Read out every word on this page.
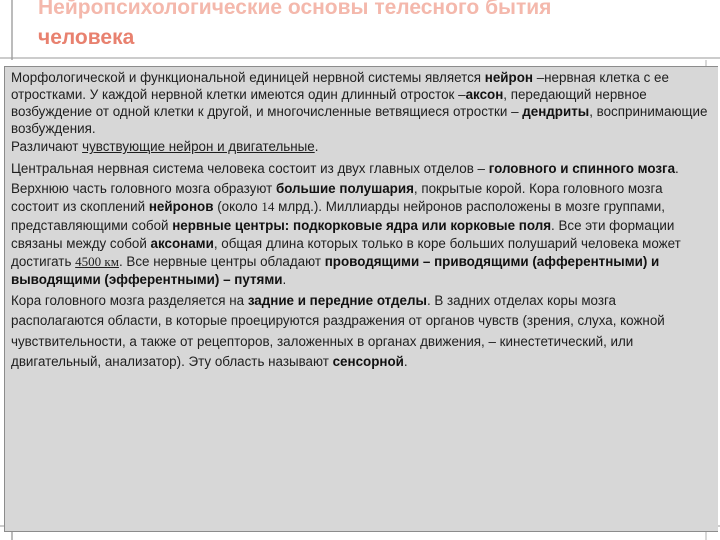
Нейропсихологические основы телесного бытия
человека

Морфологической и функциональной единицей нервной системы является нейрон –нервная клетка с ее отростками. У каждой нервной клетки имеются один длинный отросток –аксон, передающий нервное возбуждение от одной клетки к другой, и многочисленные ветвящиеся отростки – дендриты, воспринимающие возбуждения.

Различают чувствующие нейрон и двигательные.

Центральная нервная система человека состоит из двух главных отделов – головного и спинного мозга.

Верхнюю часть головного мозга образуют большие полушария, покрытые корой. Кора головного мозга состоит из скоплений нейронов (около 14 млрд.). Миллиарды нейронов расположены в мозге группами, представляющими собой нервные центры: подкорковые ядра или корковые поля. Все эти формации связаны между собой аксонами, общая длина которых только в коре больших полушарий человека может достигать 4500 км. Все нервные центры обладают проводящими – приводящими (афферентными) и
выводящими (эфферентными) – путями.

Кора головного мозга разделяется на задние и передние отделы. В задних отделах коры мозга располагаются области, в которые проецируются раздражения от органов чувств (зрения, слуха, кожной чувствительности, а также от рецепторов, заложенных в органах движения, – кинестетический, или двигательный, анализатор). Эту область называют сенсорной.
